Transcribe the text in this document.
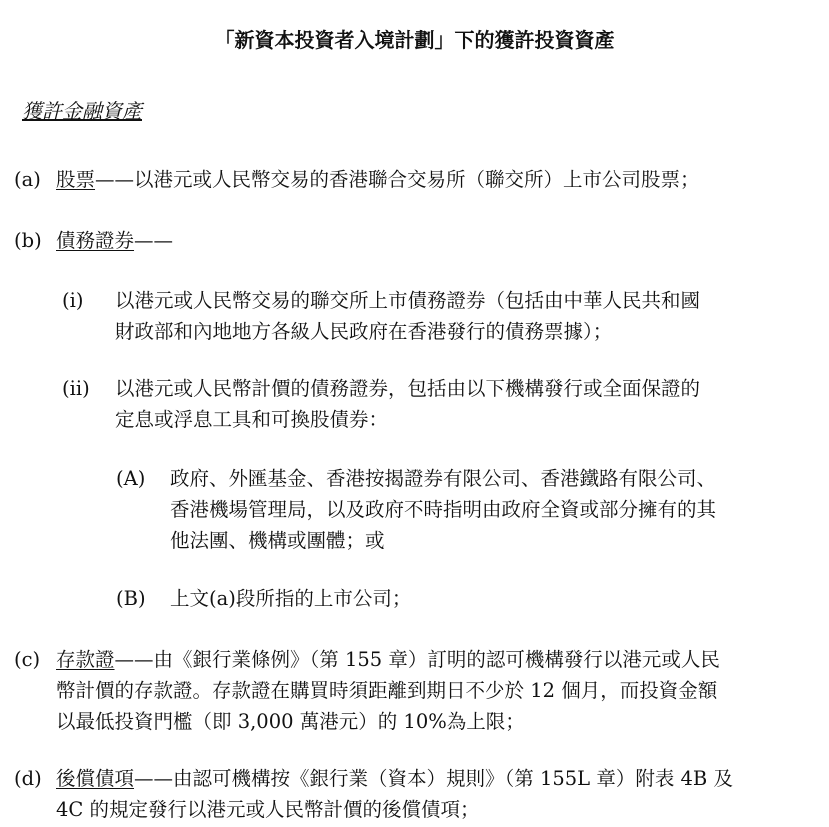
「新資本投資者入境計劃」下的獲許投資資產
獲許金融資產
(a) 股票——以港元或人民幣交易的香港聯合交易所（聯交所）上市公司股票；
(b) 債務證券——
(i) 以港元或人民幣交易的聯交所上市債務證券（包括由中華人民共和國
財政部和內地地方各級人民政府在香港發行的債務票據）；
(ii) 以港元或人民幣計價的債務證券，包括由以下機構發行或全面保證的
定息或浮息工具和可換股債券：
(A) 政府、外匯基金、香港按揭證券有限公司、香港鐵路有限公司、
香港機場管理局，以及政府不時指明由政府全資或部分擁有的其
他法團、機構或團體；或
(B) 上文(a)段所指的上市公司；
(c) 存款證——由《銀行業條例》（第 155 章）訂明的認可機構發行以港元或人民
幣計價的存款證。存款證在購買時須距離到期日不少於 12 個月，而投資金額
以最低投資門檻（即 3,000 萬港元）的 10%為上限；
(d) 後償債項——由認可機構按《銀行業（資本）規則》（第 155L 章）附表 4B 及
4C 的規定發行以港元或人民幣計價的後償債項；
